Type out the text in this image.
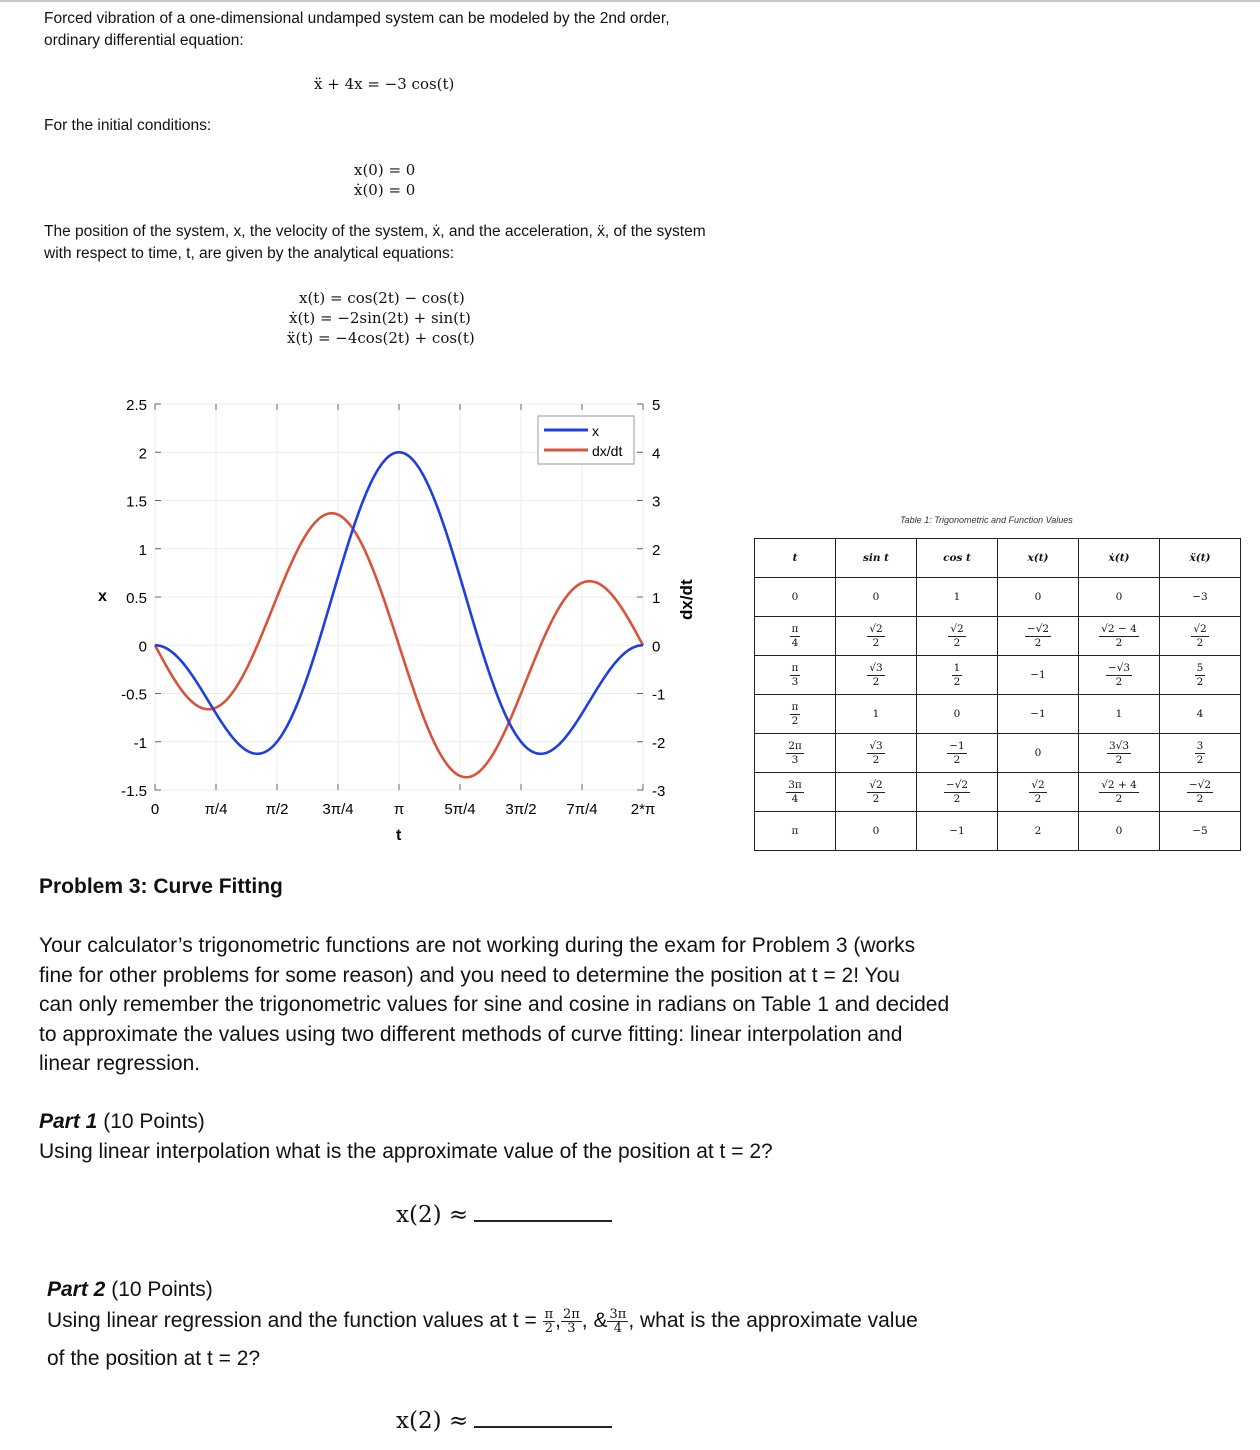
Forced vibration of a one-dimensional undamped system can be modeled by the 2nd order,
ordinary differential equation:
ẍ + 4x = −3 cos(t)
For the initial conditions:
x(0) = 0
ẋ(0) = 0
The position of the system, x, the velocity of the system, ẋ, and the acceleration, ẍ, of the system
with respect to time, t, are given by the analytical equations:
x(t) = cos(2t) − cos(t)
ẋ(t) = −2sin(2t) + sin(t)
ẍ(t) = −4cos(2t) + cos(t)
2.5
2
1.5
1
0.5
0
-0.5
-1
-1.5
5
4
3
2
1
0
-1
-2
-3
0	π/4	π/2 3π/4	π	5π/4 3π/2 7π/4 2*π
x	dx/dt
t
x
dx/dt
Table 1: Trigonometric and Function Values
t	sin t	cos t	x(t)	ẋ(t)	ẍ(t)
0	0	1	0	0	−3

$\frac{\pi}{4}$	$\frac{√2}{2}$	$\frac{√2}{2}$	$\frac{-√2}{2}$	$\frac{√2 - 4}{2}$	$\frac{√2}{2}$

$\frac{\pi}{3}$	$\frac{√3}{2}$	$\frac{1}{2}$	−1	$\frac{-√3}{2}$	$\frac{5}{2}$

$\frac{\pi}{2}$	1	0	−1	1	4

$\frac{2\pi}{3}$	$\frac{√3}{2}$	$\frac{-1}{2}$	0	$\frac{3√3}{2}$	$\frac{3}{2}$

$\frac{3\pi}{4}$	$\frac{√2}{2}$	$\frac{-√2}{2}$	$\frac{√2}{2}$	$\frac{√2 + 4}{2}$	$\frac{-√2}{2}$

π	0	−1	2	0	−5
Problem 3: Curve Fitting
Your calculator’s trigonometric functions are not working during the exam for Problem 3 (works
fine for other problems for some reason) and you need to determine the position at t = 2! You
can only remember the trigonometric values for sine and cosine in radians on Table 1 and decided
to approximate the values using two different methods of curve fitting: linear interpolation and
linear regression.
Part 1 (10 Points)
Using linear interpolation what is the approximate value of the position at t = 2?
x(2) ≈
Part 2 (10 Points)
Using linear regression and the function values at $t = \frac{\pi}{2}$ , $\frac{2\pi}{3}$ , & $\frac{3\pi}{4}$ , what is the approximate value
of the position at t = 2?
x(2) ≈
